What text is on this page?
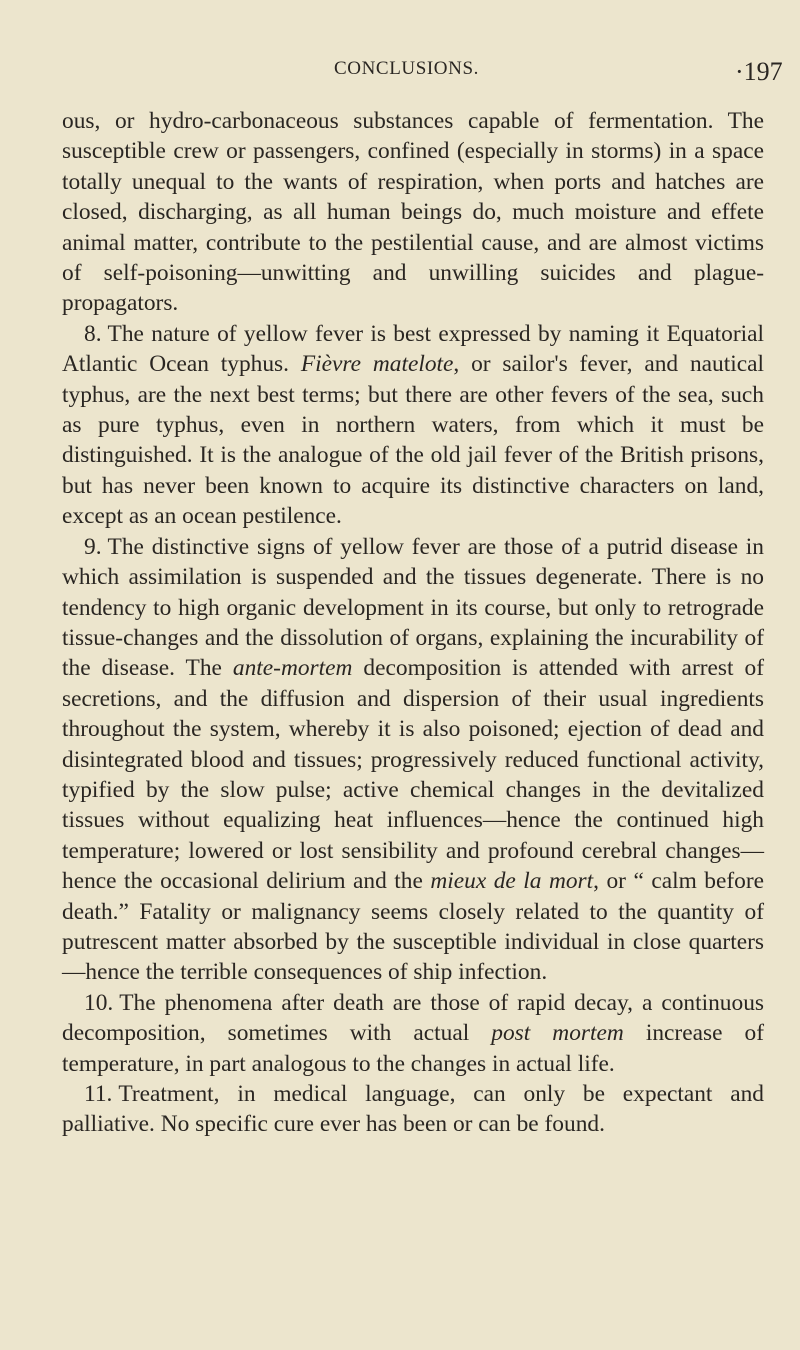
CONCLUSIONS.	·197

ous, or hydro-carbonaceous substances capable of fermentation. The susceptible crew or passengers, confined (especially in storms) in a space totally unequal to the wants of respiration, when ports and hatches are closed, discharging, as all human beings do, much moisture and effete animal matter, contribute to the pestilential cause, and are almost victims of self-poisoning—unwitting and unwilling suicides and plague-propagators.

8. The nature of yellow fever is best expressed by naming it Equatorial Atlantic Ocean typhus. Fièvre matelote, or sailor's fever, and nautical typhus, are the next best terms; but there are other fevers of the sea, such as pure typhus, even in northern waters, from which it must be distinguished. It is the analogue of the old jail fever of the British prisons, but has never been known to acquire its distinctive characters on land, except as an ocean pestilence.

9. The distinctive signs of yellow fever are those of a putrid disease in which assimilation is suspended and the tissues degenerate. There is no tendency to high organic development in its course, but only to retrograde tissue-changes and the dissolution of organs, explaining the incurability of the disease. The ante-mortem decomposition is attended with arrest of secretions, and the diffusion and dispersion of their usual ingredients throughout the system, whereby it is also poisoned; ejection of dead and disintegrated blood and tissues; progressively reduced functional activity, typified by the slow pulse; active chemical changes in the devitalized tissues without equalizing heat influences—hence the continued high temperature; lowered or lost sensibility and profound cerebral changes—hence the occasional delirium and the mieux de la mort, or “ calm before death.” Fatality or malignancy seems closely related to the quantity of putrescent matter absorbed by the susceptible individual in close quarters—hence the terrible consequences of ship infection.

10. The phenomena after death are those of rapid decay, a continuous decomposition, sometimes with actual post mortem increase of temperature, in part analogous to the changes in actual life.

11. Treatment, in medical language, can only be expectant and palliative. No specific cure ever has been or can be found.
